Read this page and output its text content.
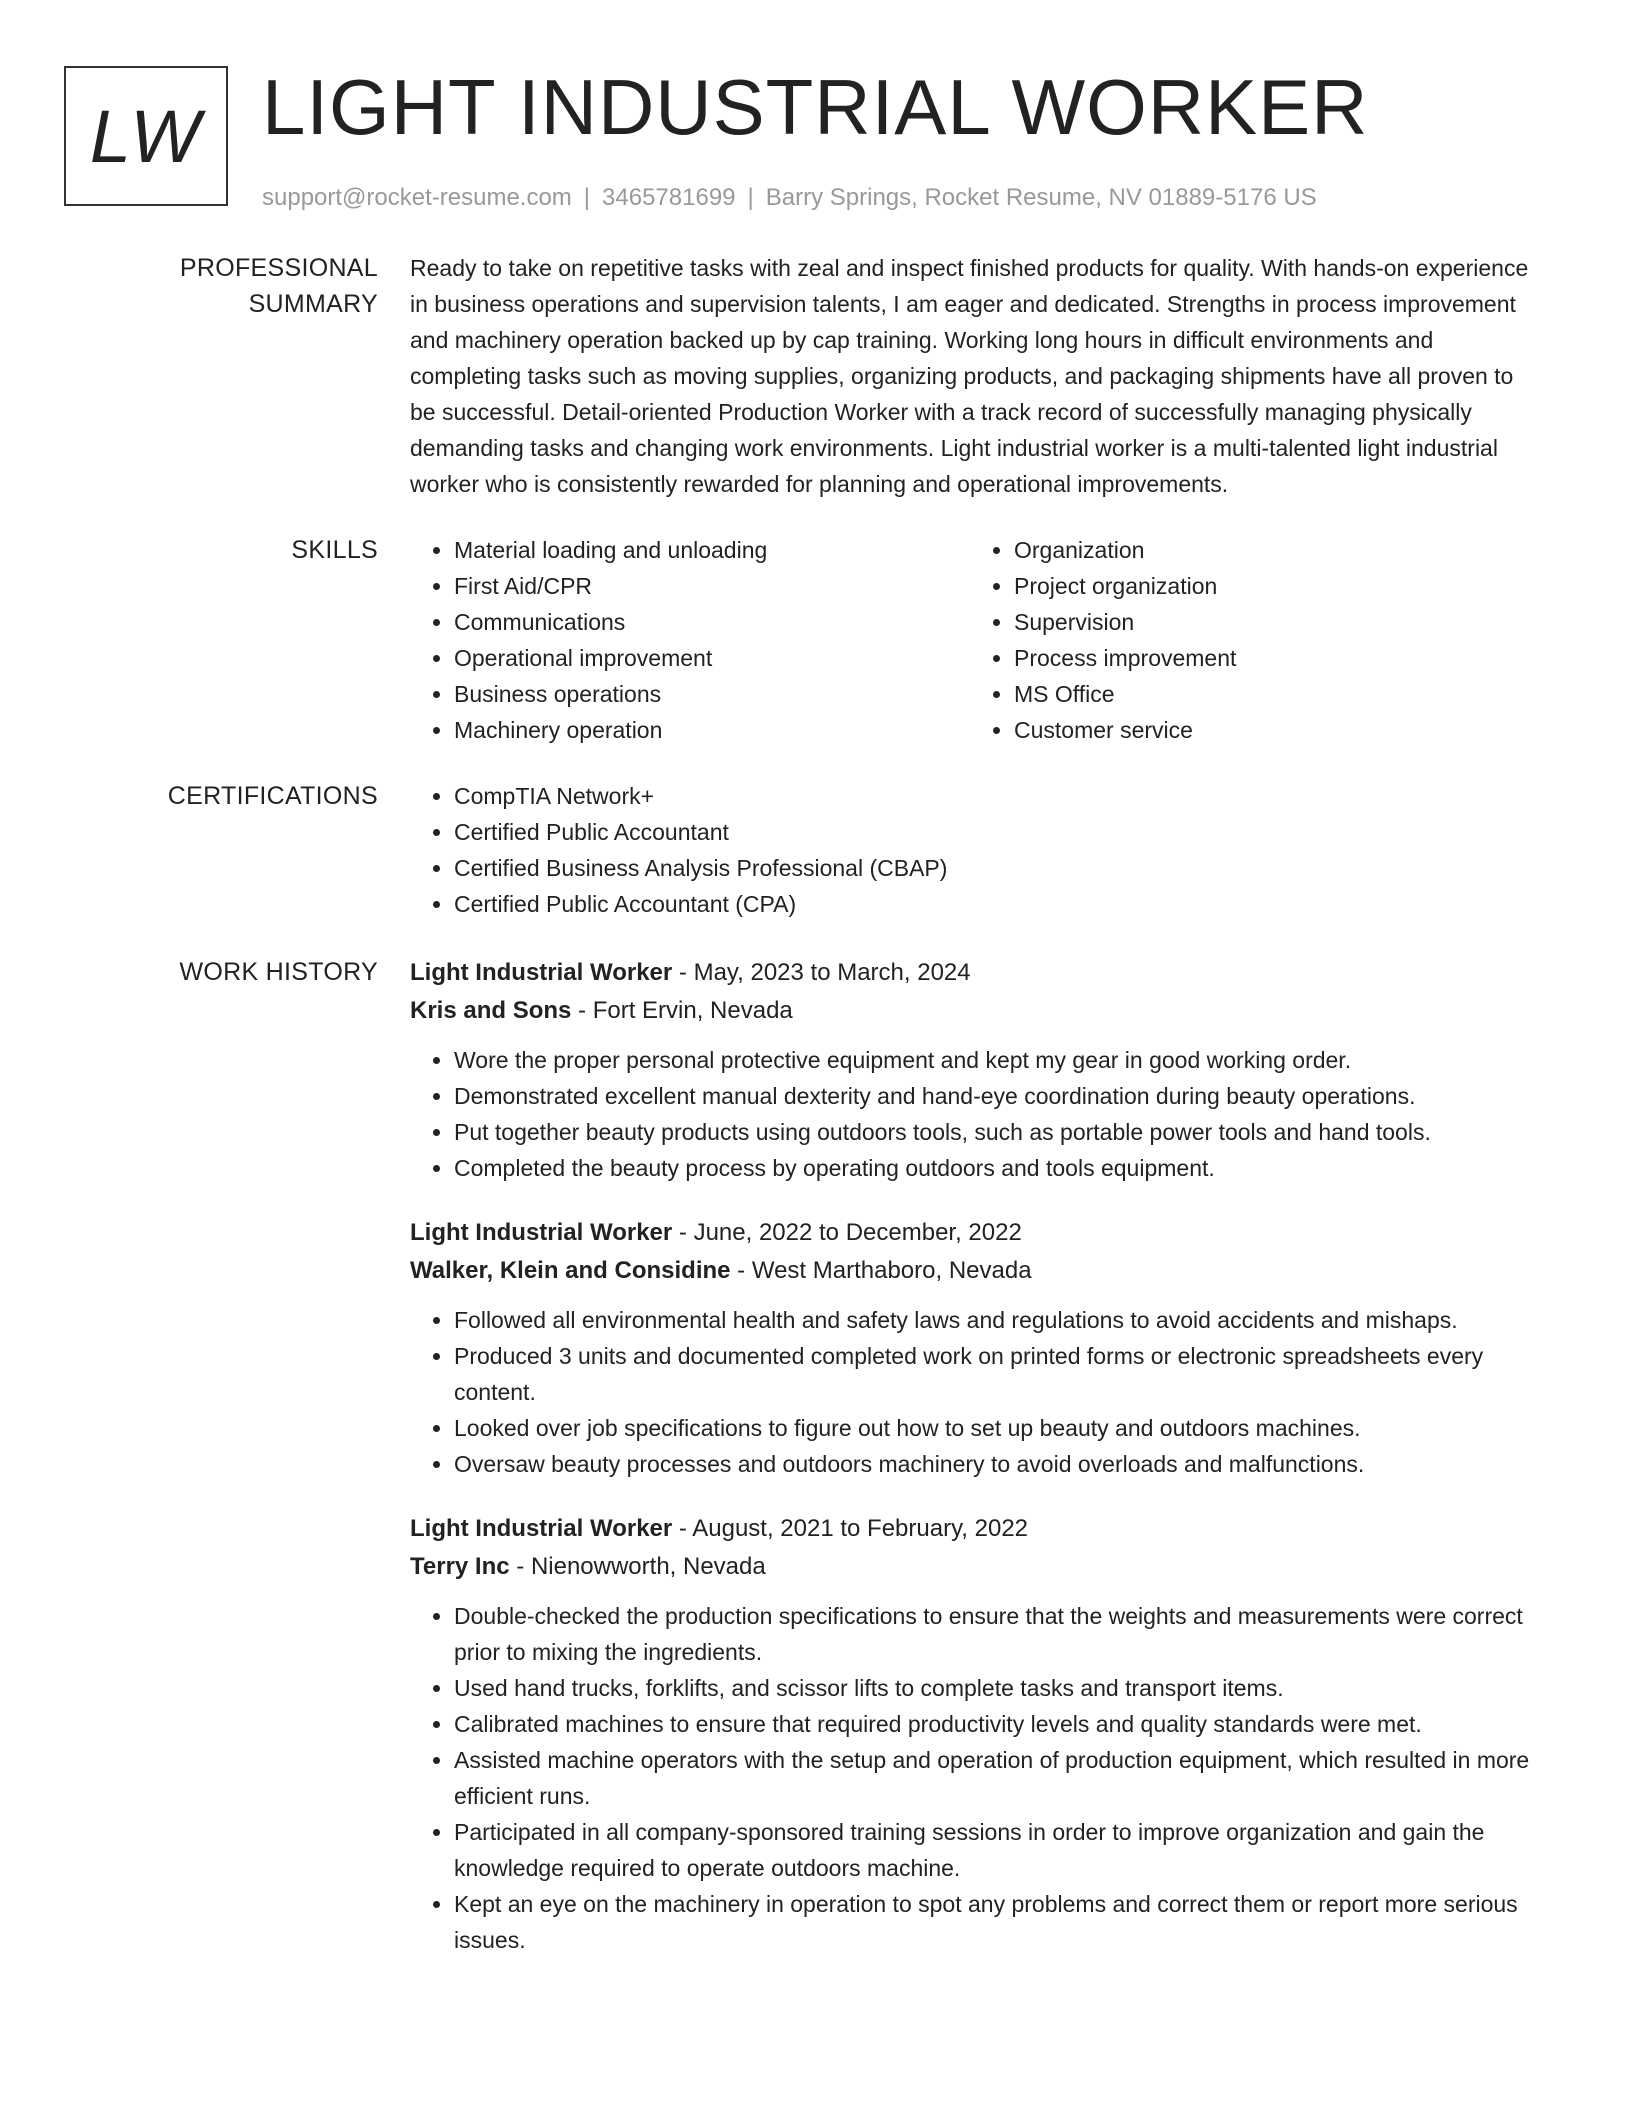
LW LIGHT INDUSTRIAL WORKER
support@rocket-resume.com | 3465781699 | Barry Springs, Rocket Resume, NV 01889-5176 US
PROFESSIONAL SUMMARY
Ready to take on repetitive tasks with zeal and inspect finished products for quality. With hands-on experience in business operations and supervision talents, I am eager and dedicated. Strengths in process improvement and machinery operation backed up by cap training. Working long hours in difficult environments and completing tasks such as moving supplies, organizing products, and packaging shipments have all proven to be successful. Detail-oriented Production Worker with a track record of successfully managing physically demanding tasks and changing work environments. Light industrial worker is a multi-talented light industrial worker who is consistently rewarded for planning and operational improvements.
SKILLS	• Material loading and unloading
• First Aid/CPR
• Communications
• Operational improvement
• Business operations
• Machinery operation
• Organization
• Project organization
• Supervision
• Process improvement
• MS Office
• Customer service
CERTIFICATIONS	• CompTIA Network+
• Certified Public Accountant
• Certified Business Analysis Professional (CBAP)
• Certified Public Accountant (CPA)
WORK HISTORY	Light Industrial Worker - May, 2023 to March, 2024
Kris and Sons - Fort Ervin, Nevada
• Wore the proper personal protective equipment and kept my gear in good working order.
• Demonstrated excellent manual dexterity and hand-eye coordination during beauty operations.
• Put together beauty products using outdoors tools, such as portable power tools and hand tools.
• Completed the beauty process by operating outdoors and tools equipment.
Light Industrial Worker - June, 2022 to December, 2022
Walker, Klein and Considine - West Marthaboro, Nevada
• Followed all environmental health and safety laws and regulations to avoid accidents and mishaps.
• Produced 3 units and documented completed work on printed forms or electronic spreadsheets every content.
• Looked over job specifications to figure out how to set up beauty and outdoors machines.
• Oversaw beauty processes and outdoors machinery to avoid overloads and malfunctions.
Light Industrial Worker - August, 2021 to February, 2022
Terry Inc - Nienowworth, Nevada
• Double-checked the production specifications to ensure that the weights and measurements were correct prior to mixing the ingredients.
• Used hand trucks, forklifts, and scissor lifts to complete tasks and transport items.
• Calibrated machines to ensure that required productivity levels and quality standards were met.
• Assisted machine operators with the setup and operation of production equipment, which resulted in more efficient runs.
• Participated in all company-sponsored training sessions in order to improve organization and gain the knowledge required to operate outdoors machine.
• Kept an eye on the machinery in operation to spot any problems and correct them or report more serious issues.
